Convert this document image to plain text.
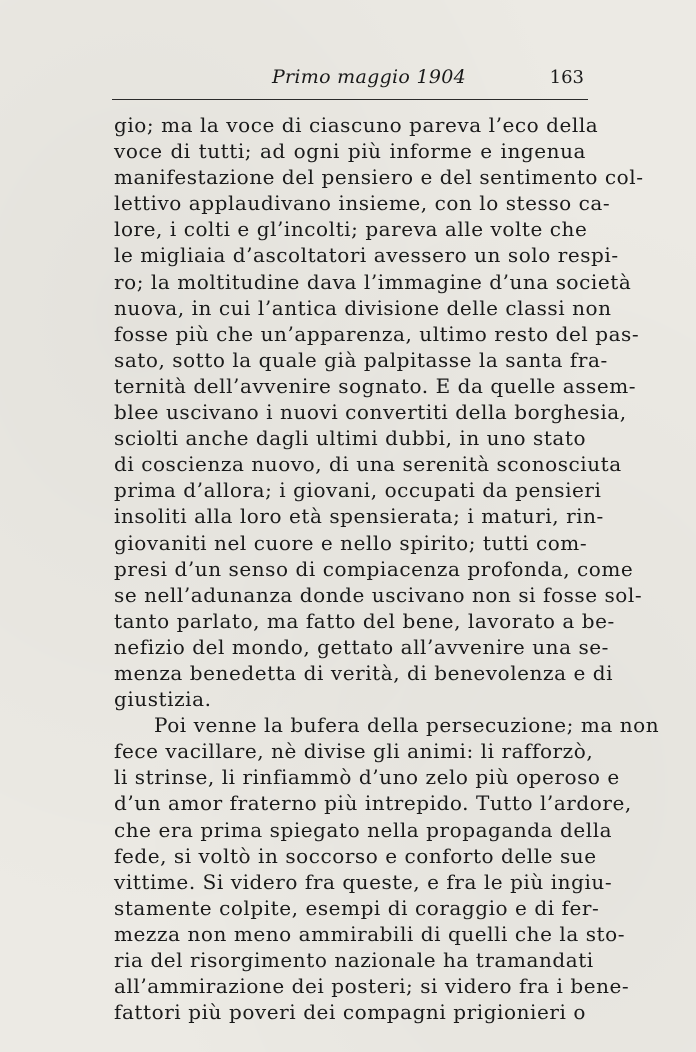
Primo maggio 1904	163
gio; ma la voce di ciascuno pareva l’eco della
voce di tutti; ad ogni più informe e ingenua
manifestazione del pensiero e del sentimento col-
lettivo applaudivano insieme, con lo stesso ca-
lore, i colti e gl’incolti; pareva alle volte che
le migliaia d’ascoltatori avessero un solo respi-
ro; la moltitudine dava l’immagine d’una società
nuova, in cui l’antica divisione delle classi non
fosse più che un’apparenza, ultimo resto del pas-
sato, sotto la quale già palpitasse la santa fra-
ternità dell’avvenire sognato. E da quelle assem-
blee uscivano i nuovi convertiti della borghesia,
sciolti anche dagli ultimi dubbi, in uno stato
di coscienza nuovo, di una serenità sconosciuta
prima d’allora; i giovani, occupati da pensieri
insoliti alla loro età spensierata; i maturi, rin-
giovaniti nel cuore e nello spirito; tutti com-
presi d’un senso di compiacenza profonda, come
se nell’adunanza donde uscivano non si fosse sol-
tanto parlato, ma fatto del bene, lavorato a be-
nefizio del mondo, gettato all’avvenire una se-
menza benedetta di verità, di benevolenza e di
giustizia.
Poi venne la bufera della persecuzione; ma non
fece vacillare, nè divise gli animi: li rafforzò,
li strinse, li rinfiammò d’uno zelo più operoso e
d’un amor fraterno più intrepido. Tutto l’ardore,
che era prima spiegato nella propaganda della
fede, si voltò in soccorso e conforto delle sue
vittime. Si videro fra queste, e fra le più ingiu-
stamente colpite, esempi di coraggio e di fer-
mezza non meno ammirabili di quelli che la sto-
ria del risorgimento nazionale ha tramandati
all’ammirazione dei posteri; si videro fra i bene-
fattori più poveri dei compagni prigionieri o
